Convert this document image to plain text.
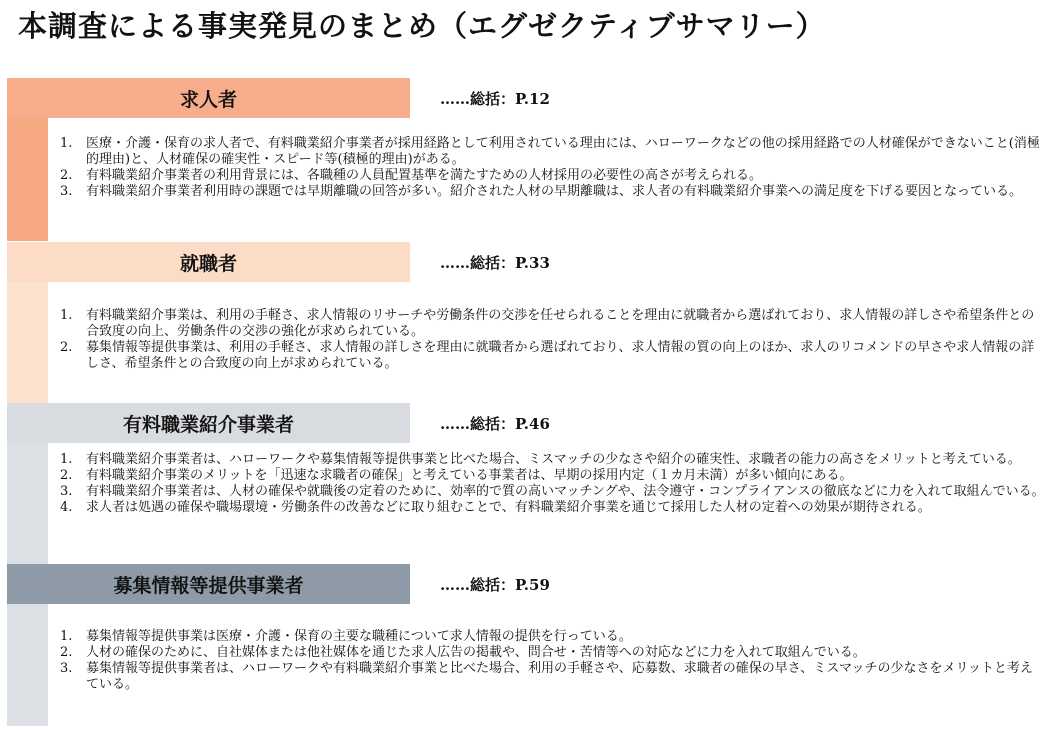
本調査による事実発見のまとめ（エグゼクティブサマリー）
求人者	……総括：P.12
1.	医療・介護・保育の求人者で、有料職業紹介事業者が採用経路として利用されている理由には、ハローワークなどの他の採用経路での人材確保ができないこと(消極的理由)と、人材確保の確実性・スピード等(積極的理由)がある。
2.	有料職業紹介事業者の利用背景には、各職種の人員配置基準を満たすための人材採用の必要性の高さが考えられる。
3.	有料職業紹介事業者利用時の課題では早期離職の回答が多い。紹介された人材の早期離職は、求人者の有料職業紹介事業への満足度を下げる要因となっている。
就職者	……総括：P.33
1.	有料職業紹介事業は、利用の手軽さ、求人情報のリサーチや労働条件の交渉を任せられることを理由に就職者から選ばれており、求人情報の詳しさや希望条件との合致度の向上、労働条件の交渉の強化が求められている。
2.	募集情報等提供事業は、利用の手軽さ、求人情報の詳しさを理由に就職者から選ばれており、求人情報の質の向上のほか、求人のリコメンドの早さや求人情報の詳しさ、希望条件との合致度の向上が求められている。
有料職業紹介事業者	……総括：P.46
1.	有料職業紹介事業者は、ハローワークや募集情報等提供事業と比べた場合、ミスマッチの少なさや紹介の確実性、求職者の能力の高さをメリットと考えている。
2.	有料職業紹介事業のメリットを「迅速な求職者の確保」と考えている事業者は、早期の採用内定（１カ月未満）が多い傾向にある。
3.	有料職業紹介事業者は、人材の確保や就職後の定着のために、効率的で質の高いマッチングや、法令遵守・コンプライアンスの徹底などに力を入れて取組んでいる。
4.	求人者は処遇の確保や職場環境・労働条件の改善などに取り組むことで、有料職業紹介事業を通じて採用した人材の定着への効果が期待される。
募集情報等提供事業者	……総括：P.59
1.	募集情報等提供事業は医療・介護・保育の主要な職種について求人情報の提供を行っている。
2.	人材の確保のために、自社媒体または他社媒体を通じた求人広告の掲載や、問合せ・苦情等への対応などに力を入れて取組んでいる。
3.	募集情報等提供事業者は、ハローワークや有料職業紹介事業と比べた場合、利用の手軽さや、応募数、求職者の確保の早さ、ミスマッチの少なさをメリットと考えている。
